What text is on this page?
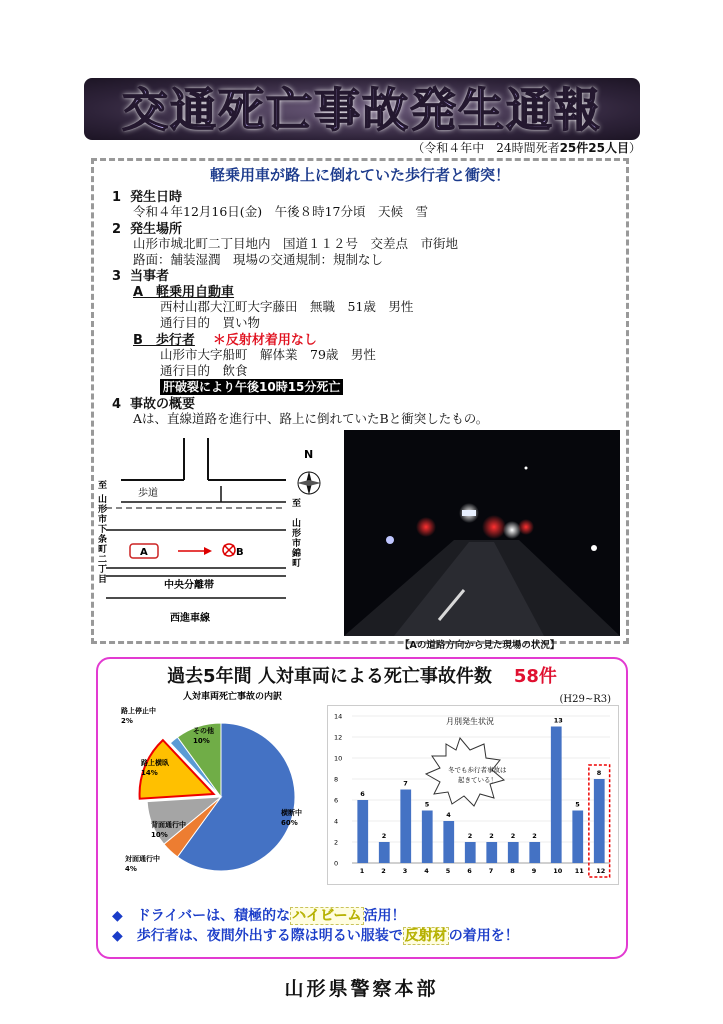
交通死亡事故発生通報
（令和４年中　24時間死者25件25人目）
軽乗用車が路上に倒れていた歩行者と衝突！
1 発生日時
令和４年12月16日(金)　午後８時17分頃　天候　雪
2 発生場所
山形市城北町二丁目地内　国道１１２号　交差点　市街地
路面：舗装湿潤　現場の交通規制：規制なし
3 当事者
A　軽乗用自動車
西村山郡大江町大字藤田　無職　51歳　男性
通行目的　買い物
B　歩行者 ＊反射材着用なし
山形市大字船町　解体業　79歳　男性
通行目的　飲食
肝破裂により午後10時15分死亡
4 事故の概要
Aは、直線道路を進行中、路上に倒れていたBと衝突したもの。
歩道
至山形市下条町二丁目
A	B
中央分離帯
西進車線
N
至
山
形
市
錦
町
【Aの道路方向から見た現場の状況】
過去5年間 人対車両による死亡事故件数 58件
(H29~R3)
人対車両死亡事故の内訳
横断中
60%
対面通行中
4%
背面通行中
10%
路上横臥
14%
路上停止中
2%
その他
10%
月別発生状況
6
2
7
5
4
2	2	2	2
13
5
8
1	2	3	4	5	6	7	8	9	10 11 12
0
2
4
6
8
10
12
14
冬でも歩行者事故は
起きている！
◆　 ドライバーは、積極的な ハイビーム 活用！
◆　 歩行者は、夜間外出する際は明るい服装で 反射材 の着用を！
山形県警察本部
